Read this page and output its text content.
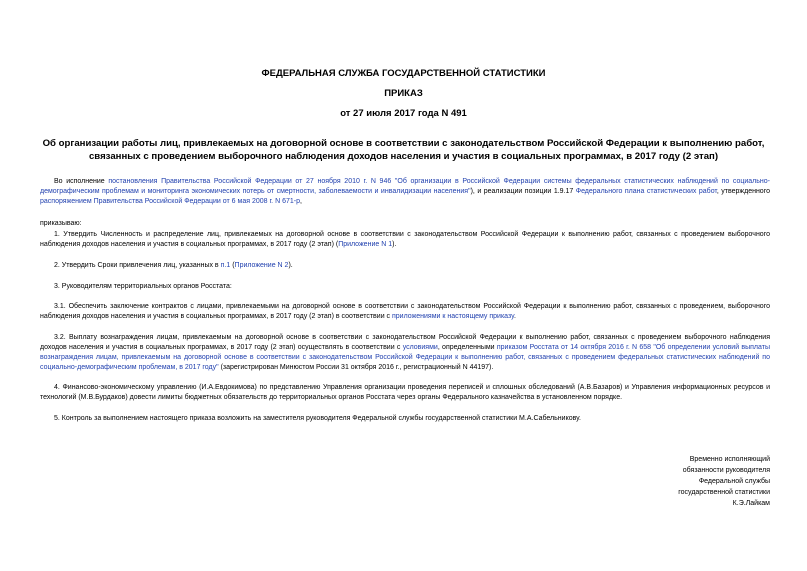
ФЕДЕРАЛЬНАЯ СЛУЖБА ГОСУДАРСТВЕННОЙ СТАТИСТИКИ
ПРИКАЗ
от 27 июля 2017 года N 491
Об организации работы лиц, привлекаемых на договорной основе в соответствии с законодательством Российской Федерации к выполнению работ, связанных с проведением выборочного наблюдения доходов населения и участия в социальных программах, в 2017 году (2 этап)
Во исполнение постановления Правительства Российской Федерации от 27 ноября 2010 г. N 946 "Об организации в Российской Федерации системы федеральных статистических наблюдений по социально-демографическим проблемам и мониторинга экономических потерь от смертности, заболеваемости и инвалидизации населения"), и реализации позиции 1.9.17 Федерального плана статистических работ, утвержденного распоряжением Правительства Российской Федерации от 6 мая 2008 г. N 671-р,
приказываю:
1. Утвердить Численность и распределение лиц, привлекаемых на договорной основе в соответствии с законодательством Российской Федерации к выполнению работ, связанных с проведением выборочного наблюдения доходов населения и участия в социальных программах, в 2017 году (2 этап) (Приложение N 1).
2. Утвердить Сроки привлечения лиц, указанных в п.1 (Приложение N 2).
3. Руководителям территориальных органов Росстата:
3.1. Обеспечить заключение контрактов с лицами, привлекаемыми на договорной основе в соответствии с законодательством Российской Федерации к выполнению работ, связанных с проведением, выборочного наблюдения доходов населения и участия в социальных программах, в 2017 году (2 этап) в соответствии с приложениями к настоящему приказу.
3.2. Выплату вознаграждения лицам, привлекаемым на договорной основе в соответствии с законодательством Российской Федерации к выполнению работ, связанных с проведением выборочного наблюдения доходов населения и участия в социальных программах, в 2017 году (2 этап) осуществлять в соответствии с условиями, определенными приказом Росстата от 14 октября 2016 г. N 658 "Об определении условий выплаты вознаграждения лицам, привлекаемым на договорной основе в соответствии с законодательством Российской Федерации к выполнению работ, связанных с проведением федеральных статистических наблюдений по социально-демографическим проблемам, в 2017 году" (зарегистрирован Минюстом России 31 октября 2016 г., регистрационный N 44197).
4. Финансово-экономическому управлению (И.А.Евдокимова) по представлению Управления организации проведения переписей и сплошных обследований (А.В.Базаров) и Управления информационных ресурсов и технологий (М.В.Бурдаков) довести лимиты бюджетных обязательств до территориальных органов Росстата через органы Федерального казначейства в установленном порядке.
5. Контроль за выполнением настоящего приказа возложить на заместителя руководителя Федеральной службы государственной статистики М.А.Сабельникову.
Временно исполняющий
обязанности руководителя
Федеральной службы
государственной статистики
К.Э.Лайкам
